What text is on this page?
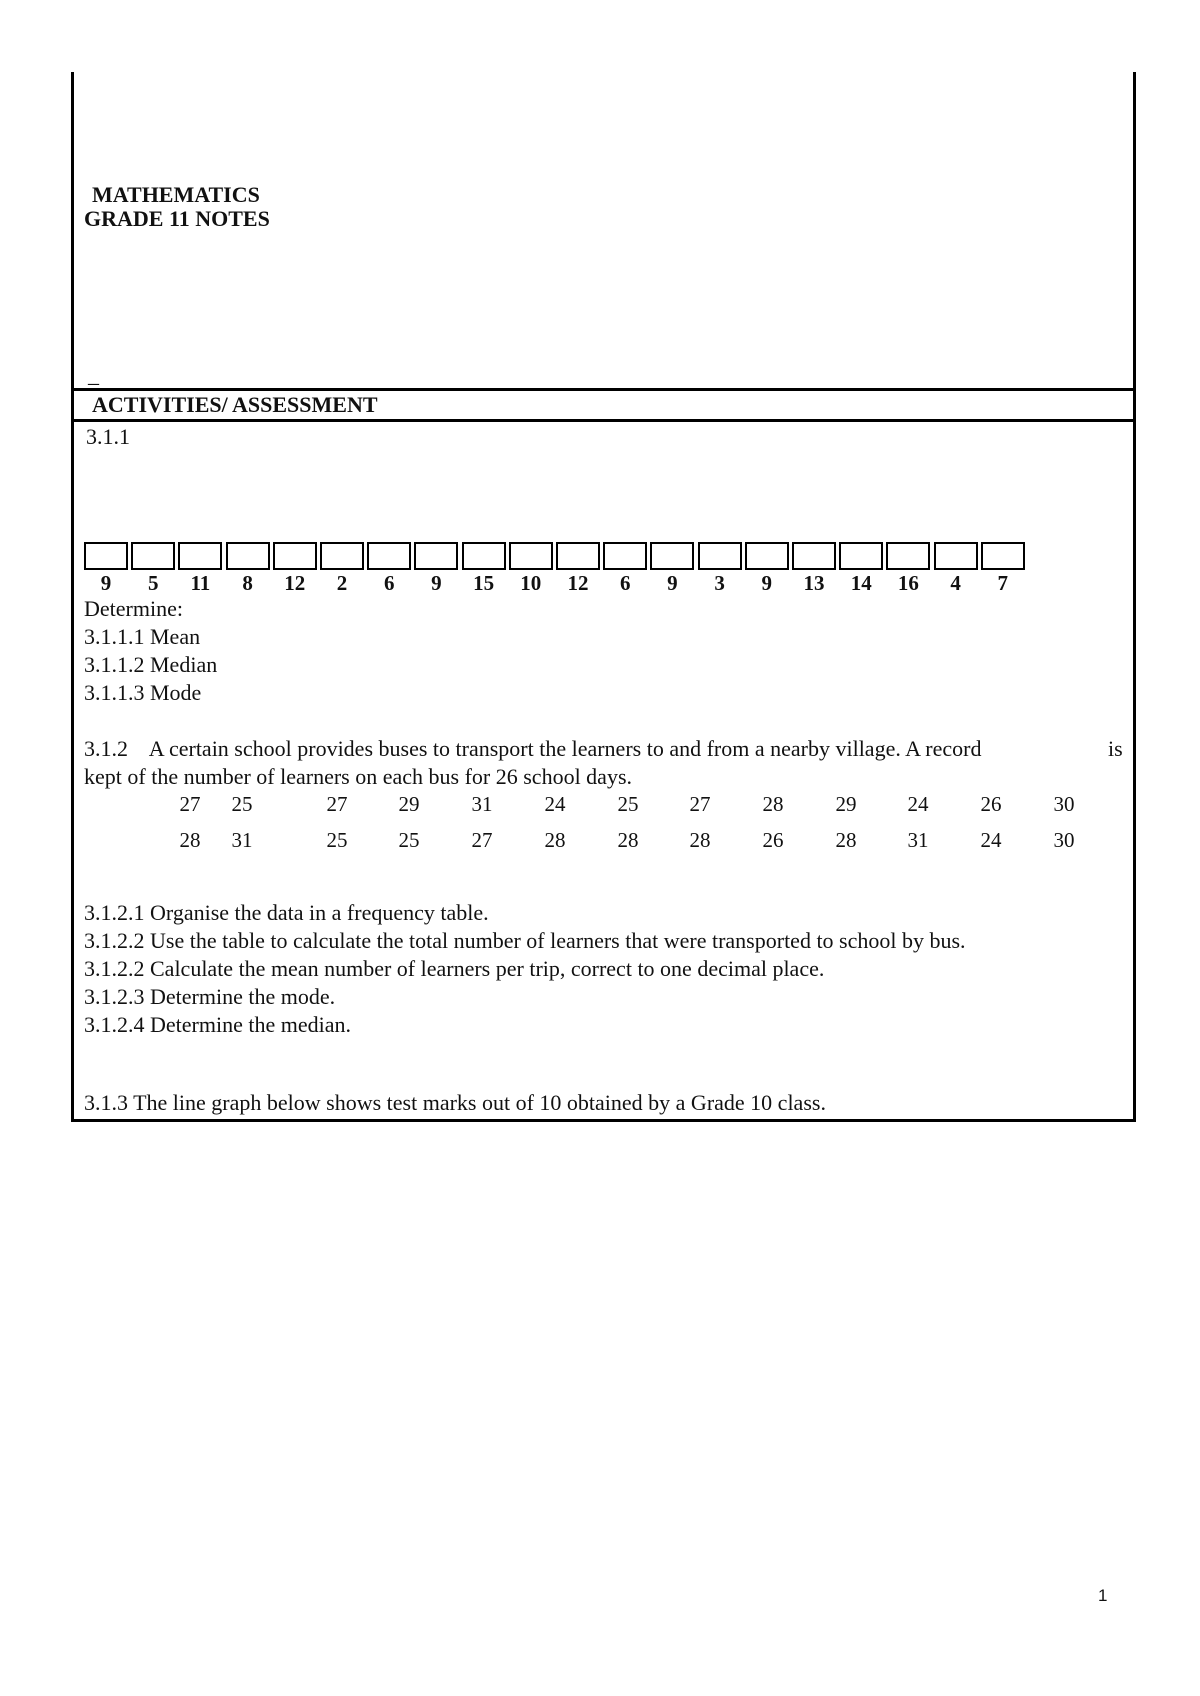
MATHEMATICS
GRADE 11 NOTES
_
ACTIVITIES/ ASSESSMENT
3.1.1
9	5	11	8	12	2	6	9	15	10	12	6	9	3	9	13	14	16	4	7
Determine:
3.1.1.1 Mean
3.1.1.2 Median
3.1.1.3 Mode
3.1.2    A certain school provides buses to transport the learners to and from a nearby village. A record	is
kept of the number of learners on each bus for 26 school days.
27	25	27	29	31	24	25	27	28	29	24	26	30
28	31	25	25	27	28	28	28	26	28	31	24	30
3.1.2.1 Organise the data in a frequency table.
3.1.2.2 Use the table to calculate the total number of learners that were transported to school by bus.
3.1.2.2 Calculate the mean number of learners per trip, correct to one decimal place.
3.1.2.3 Determine the mode.
3.1.2.4 Determine the median.
3.1.3 The line graph below shows test marks out of 10 obtained by a Grade 10 class.
1
